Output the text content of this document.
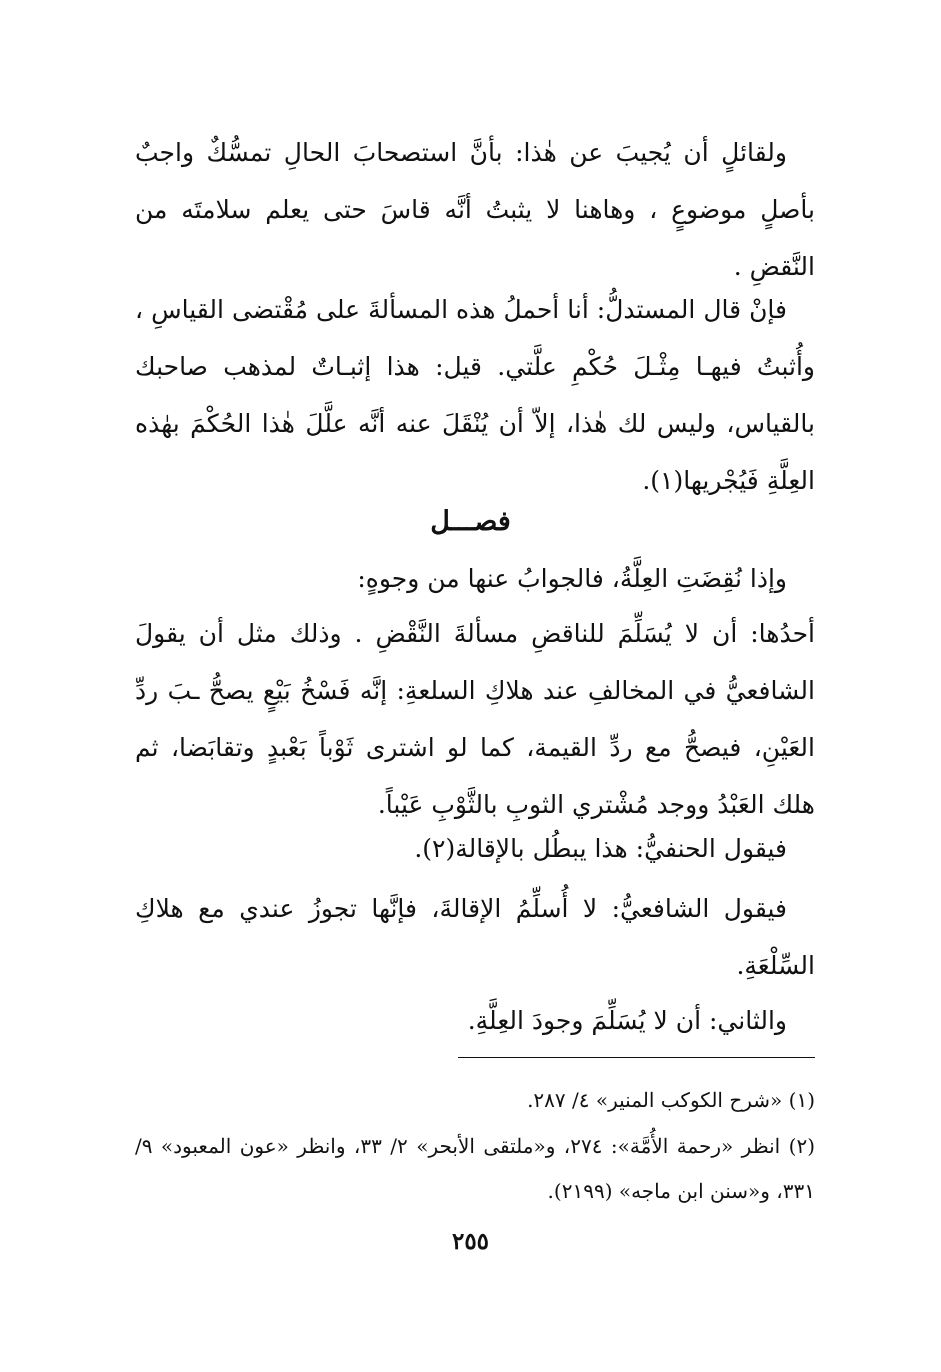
ولقائلٍ أن يُجيبَ عن هٰذا: بأنَّ استصحابَ الحالِ تمسُّكٌ واجبٌ بأصلٍ موضوعٍ ، وهاهنا لا يثبتُ أنَّه قاسَ حتى يعلم سلامتَه من النَّقضِ .
فإنْ قال المستدلُّ: أنا أحملُ هذه المسألةَ على مُقْتضى القياسِ ، وأُثبتُ فيهـا مِثْـلَ حُكْمِ علَّتي. قيل: هذا إثبـاتٌ لمذهب صاحبك بالقياس، وليس لك هٰذا، إلاّ أن يُنْقَلَ عنه أنَّه علَّلَ هٰذا الحُكْمَ بهٰذه العِلَّةِ فَيُجْريها(١).
فصـــل
وإذا نُقِضَتِ العِلَّةُ، فالجوابُ عنها من وجوهٍ:
أحدُها: أن لا يُسَلِّمَ للناقضِ مسألةَ النَّقْضِ . وذلك مثل أن يقولَ الشافعيُّ في المخالفِ عند هلاكِ السلعةِ: إنَّه فَسْخُ بَيْعٍ يصحُّ ـبَ ردِّ العَيْنِ، فيصحُّ مع ردِّ القيمة، كما لو اشترى ثَوْباً بَعْبدٍ وتقابَضا، ثم هلك العَبْدُ ووجد مُشْتري الثوبِ بالثَّوْبِ عَيْباً.
فيقول الحنفيُّ: هذا يبطُل بالإقالة(٢).
فيقول الشافعيُّ: لا أُسلِّمُ الإقالةَ، فإنَّها تجوزُ عندي مع هلاكِ السِّلْعَةِ.
والثاني: أن لا يُسَلِّمَ وجودَ العِلَّةِ.
(١) «شرح الكوكب المنير» ٤/ ٢٨٧.
(٢) انظر «رحمة الأُمَّة»: ٢٧٤، و«ملتقى الأبحر» ٢/ ٣٣، وانظر «عون المعبود» ٩/ ٣٣١، و«سنن ابن ماجه» (٢١٩٩).
٢٥٥
